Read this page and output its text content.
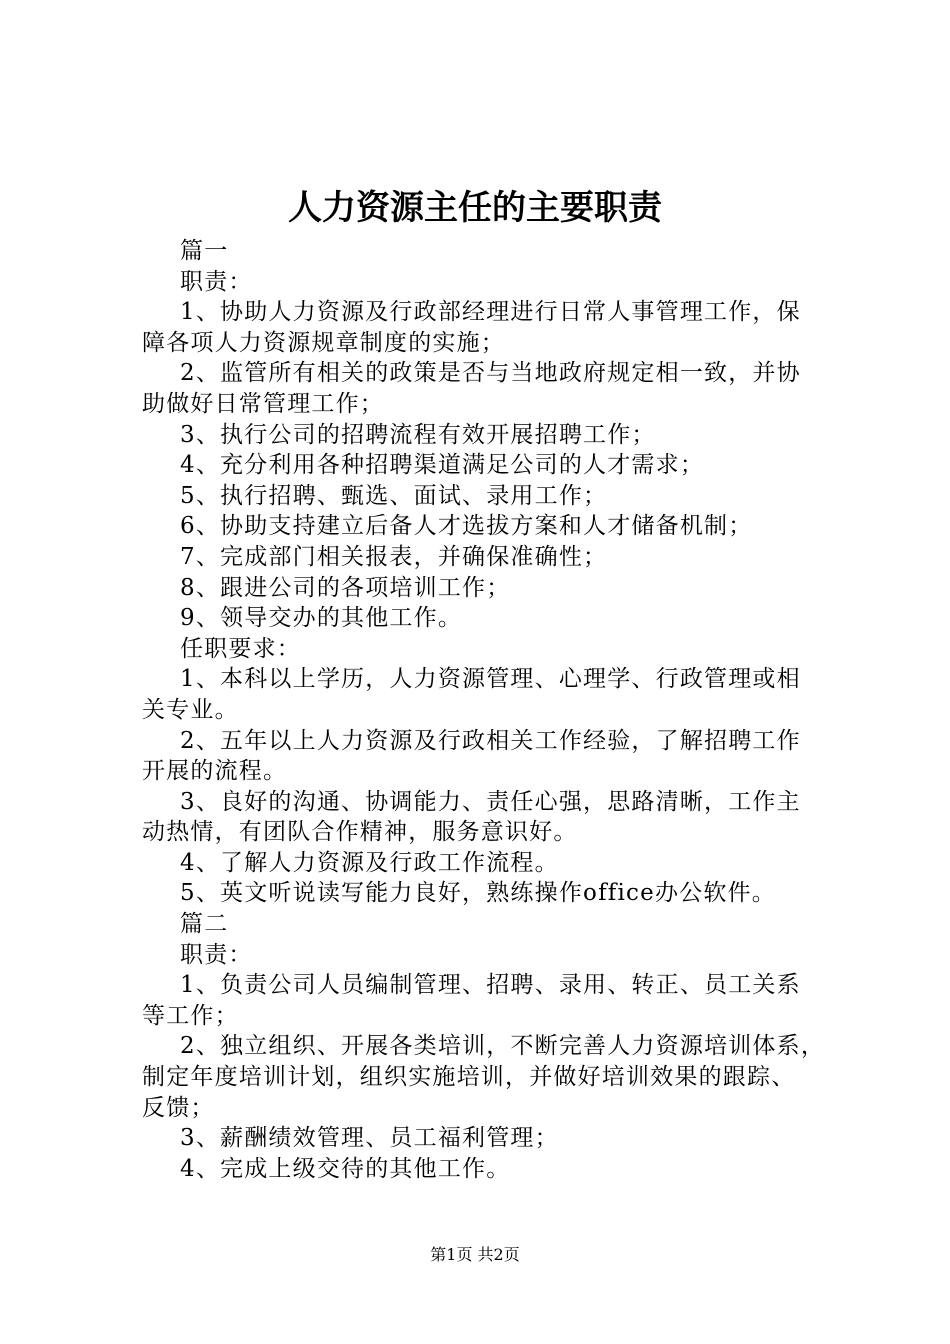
人力资源主任的主要职责
篇一
职责：
1、协助人力资源及行政部经理进行日常人事管理工作，保
障各项人力资源规章制度的实施；
2、监管所有相关的政策是否与当地政府规定相一致，并协
助做好日常管理工作；
3、执行公司的招聘流程有效开展招聘工作；
4、充分利用各种招聘渠道满足公司的人才需求；
5、执行招聘、甄选、面试、录用工作；
6、协助支持建立后备人才选拔方案和人才储备机制；
7、完成部门相关报表，并确保准确性；
8、跟进公司的各项培训工作；
9、领导交办的其他工作。
任职要求：
1、本科以上学历，人力资源管理、心理学、行政管理或相
关专业。
2、五年以上人力资源及行政相关工作经验，了解招聘工作
开展的流程。
3、良好的沟通、协调能力、责任心强，思路清晰，工作主
动热情，有团队合作精神，服务意识好。
4、了解人力资源及行政工作流程。
5、英文听说读写能力良好，熟练操作office办公软件。
篇二
职责：
1、负责公司人员编制管理、招聘、录用、转正、员工关系
等工作；
2、独立组织、开展各类培训，不断完善人力资源培训体系，
制定年度培训计划，组织实施培训，并做好培训效果的跟踪、
反馈；
3、薪酬绩效管理、员工福利管理；
4、完成上级交待的其他工作。
第1页 共2页
